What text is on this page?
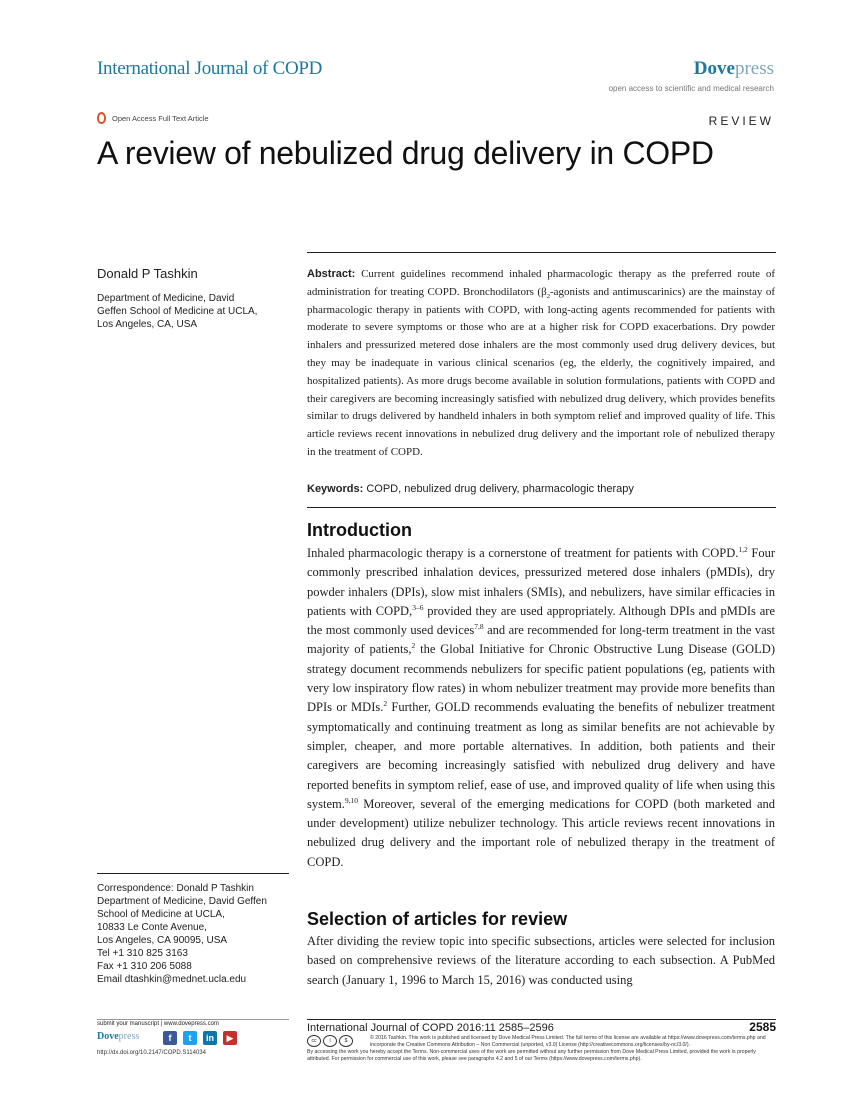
International Journal of COPD	Dovepress
open access to scientific and medical research
Open Access Full Text Article	REVIEW
A review of nebulized drug delivery in COPD
Donald P Tashkin
Department of Medicine, David
Geffen School of Medicine at UCLA,
Los Angeles, CA, USA
Abstract: Current guidelines recommend inhaled pharmacologic therapy as the preferred route of administration for treating COPD. Bronchodilators ($\beta_2$-agonists and antimuscarinics) are the mainstay of pharmacologic therapy in patients with COPD, with long-acting agents recommended for patients with moderate to severe symptoms or those who are at a higher risk for COPD exacerbations. Dry powder inhalers and pressurized metered dose inhalers are the most commonly used drug delivery devices, but they may be inadequate in various clinical scenarios (eg, the elderly, the cognitively impaired, and hospitalized patients). As more drugs become available in solution formulations, patients with COPD and their caregivers are becoming increasingly satisfied with nebulized drug delivery, which provides benefits similar to drugs delivered by handheld inhalers in both symptom relief and improved quality of life. This article reviews recent innovations in nebulized drug delivery and the important role of nebulized therapy in the treatment of COPD.
Keywords: COPD, nebulized drug delivery, pharmacologic therapy
Introduction
Inhaled pharmacologic therapy is a cornerstone of treatment for patients with COPD.$^{1,2}$ Four commonly prescribed inhalation devices, pressurized metered dose inhalers (pMDIs), dry powder inhalers (DPIs), slow mist inhalers (SMIs), and nebulizers, have similar efficacies in patients with COPD,$^{3-6}$ provided they are used appropriately. Although DPIs and pMDIs are the most commonly used devices$^{7,8}$ and are recommended for long-term treatment in the vast majority of patients,$^2$ the Global Initiative for Chronic Obstructive Lung Disease (GOLD) strategy document recommends nebulizers for specific patient populations (eg, patients with very low inspiratory flow rates) in whom nebulizer treatment may provide more benefits than DPIs or MDIs.$^2$ Further, GOLD recommends evaluating the benefits of nebulizer treatment symptomatically and continuing treatment as long as similar benefits are not achievable by simpler, cheaper, and more portable alternatives. In addition, both patients and their caregivers are becoming increasingly satisfied with nebulized drug delivery and have reported benefits in symptom relief, ease of use, and improved quality of life when using this system.$^{9,10}$ Moreover, several of the emerging medications for COPD (both marketed and under development) utilize nebulizer technology. This article reviews recent innovations in nebulized drug delivery and the important role of nebulized therapy in the treatment of COPD.
Selection of articles for review
After dividing the review topic into specific subsections, articles were selected for inclusion based on comprehensive reviews of the literature according to each subsection. A PubMed search (January 1, 1996 to March 15, 2016) was conducted using
Correspondence: Donald P Tashkin
Department of Medicine, David Geffen
School of Medicine at UCLA,
10833 Le Conte Avenue,
Los Angeles, CA 90095, USA
Tel +1 310 825 3163
Fax +1 310 206 5088
Email dtashkin@mednet.ucla.edu
submit your manuscript | www.dovepress.com
Dovepress	f	t	in	▶
http://dx.doi.org/10.2147/COPD.S114034
International Journal of COPD 2016:11 2585–2596	2585
cc	i	$	© 2016 Tashkin. This work is published and licensed by Dove Medical Press Limited. The full terms of this license are available at https://www.dovepress.com/terms.php and incorporate the Creative Commons Attribution – Non Commercial (unported, v3.0) License (http://creativecommons.org/licenses/by-nc/3.0/).
By accessing the work you hereby accept the Terms. Non-commercial uses of the work are permitted without any further permission from Dove Medical Press Limited, provided the work is properly attributed. For permission for commercial use of this work, please see paragraphs 4.2 and 5 of our Terms (https://www.dovepress.com/terms.php).
